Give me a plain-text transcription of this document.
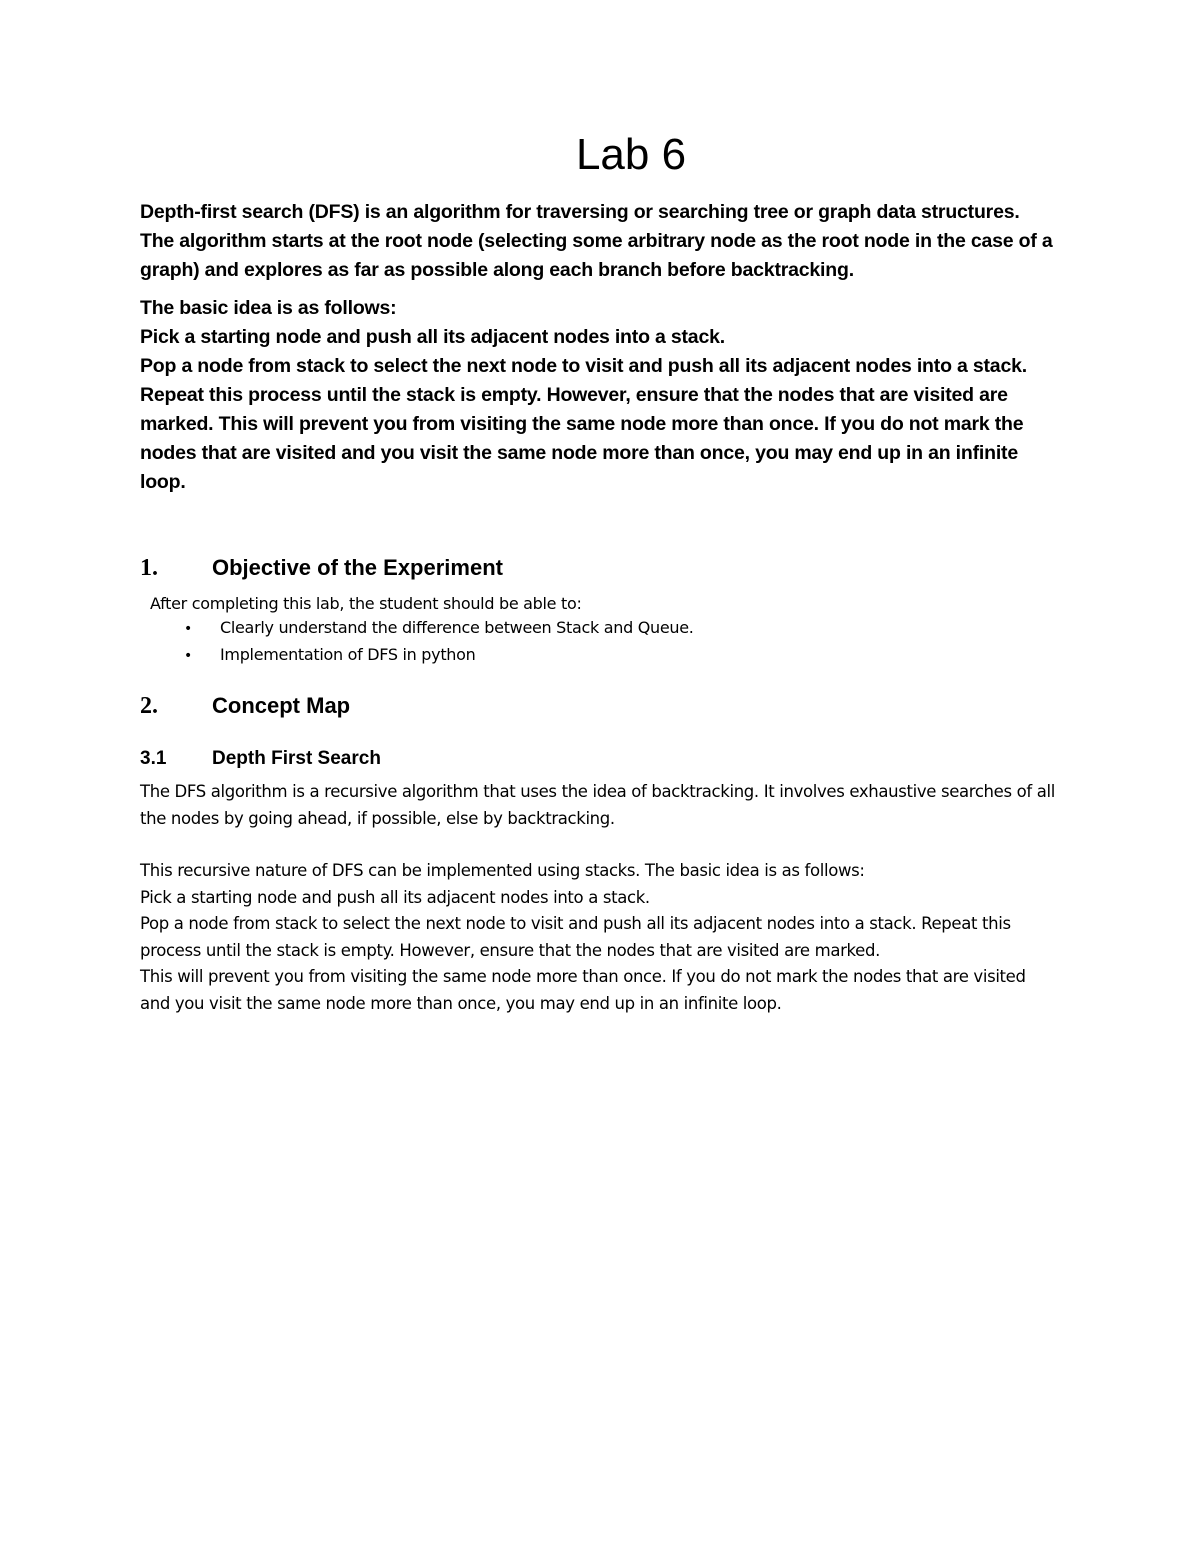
Lab 6

Depth-first search (DFS) is an algorithm for traversing or searching tree or graph data structures. The algorithm starts at the root node (selecting some arbitrary node as the root node in the case of a graph) and explores as far as possible along each branch before backtracking.

The basic idea is as follows:

Pick a starting node and push all its adjacent nodes into a stack.

Pop a node from stack to select the next node to visit and push all its adjacent nodes into a stack. Repeat this process until the stack is empty. However, ensure that the nodes that are visited are marked. This will prevent you from visiting the same node more than once. If you do not mark the nodes that are visited and you visit the same node more than once, you may end up in an infinite loop.

1.	Objective of the Experiment

After completing this lab, the student should be able to:

•	Clearly understand the difference between Stack and Queue.
•	Implementation of DFS in python
2.	Concept Map
3.1	Depth First Search

The DFS algorithm is a recursive algorithm that uses the idea of backtracking. It involves exhaustive searches of all the nodes by going ahead, if possible, else by backtracking.

This recursive nature of DFS can be implemented using stacks. The basic idea is as follows:

Pick a starting node and push all its adjacent nodes into a stack.

Pop a node from stack to select the next node to visit and push all its adjacent nodes into a stack. Repeat this process until the stack is empty. However, ensure that the nodes that are visited are marked.

This will prevent you from visiting the same node more than once. If you do not mark the nodes that are visited and you visit the same node more than once, you may end up in an infinite loop.
